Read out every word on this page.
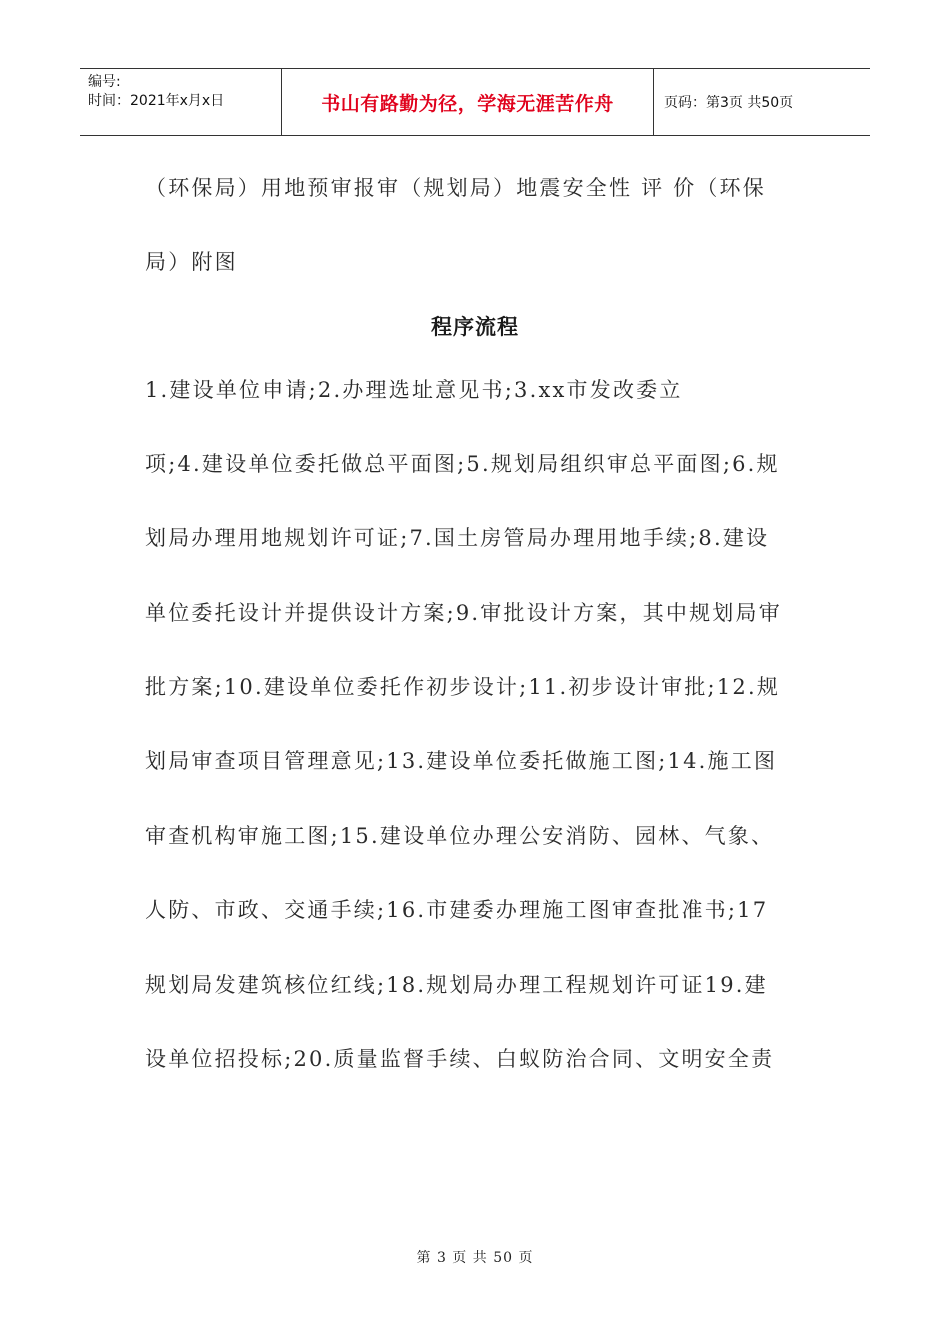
编号:
时间：2021年x月x日	书山有路勤为径，学海无涯苦作舟	页码：第3页 共50页
（环保局）用地预审报审（规划局）地震安全性 评 价（环保
局）附图
程序流程
1.建设单位申请;2.办理选址意见书;3.xx市发改委立
项;4.建设单位委托做总平面图;5.规划局组织审总平面图;6.规
划局办理用地规划许可证;7.国土房管局办理用地手续;8.建设
单位委托设计并提供设计方案;9.审批设计方案，其中规划局审
批方案;10.建设单位委托作初步设计;11.初步设计审批;12.规
划局审查项目管理意见;13.建设单位委托做施工图;14.施工图
审查机构审施工图;15.建设单位办理公安消防、园林、气象、
人防、市政、交通手续;16.市建委办理施工图审查批准书;17
规划局发建筑核位红线;18.规划局办理工程规划许可证19.建
设单位招投标;20.质量监督手续、白蚁防治合同、文明安全责
第 3 页 共 50 页
